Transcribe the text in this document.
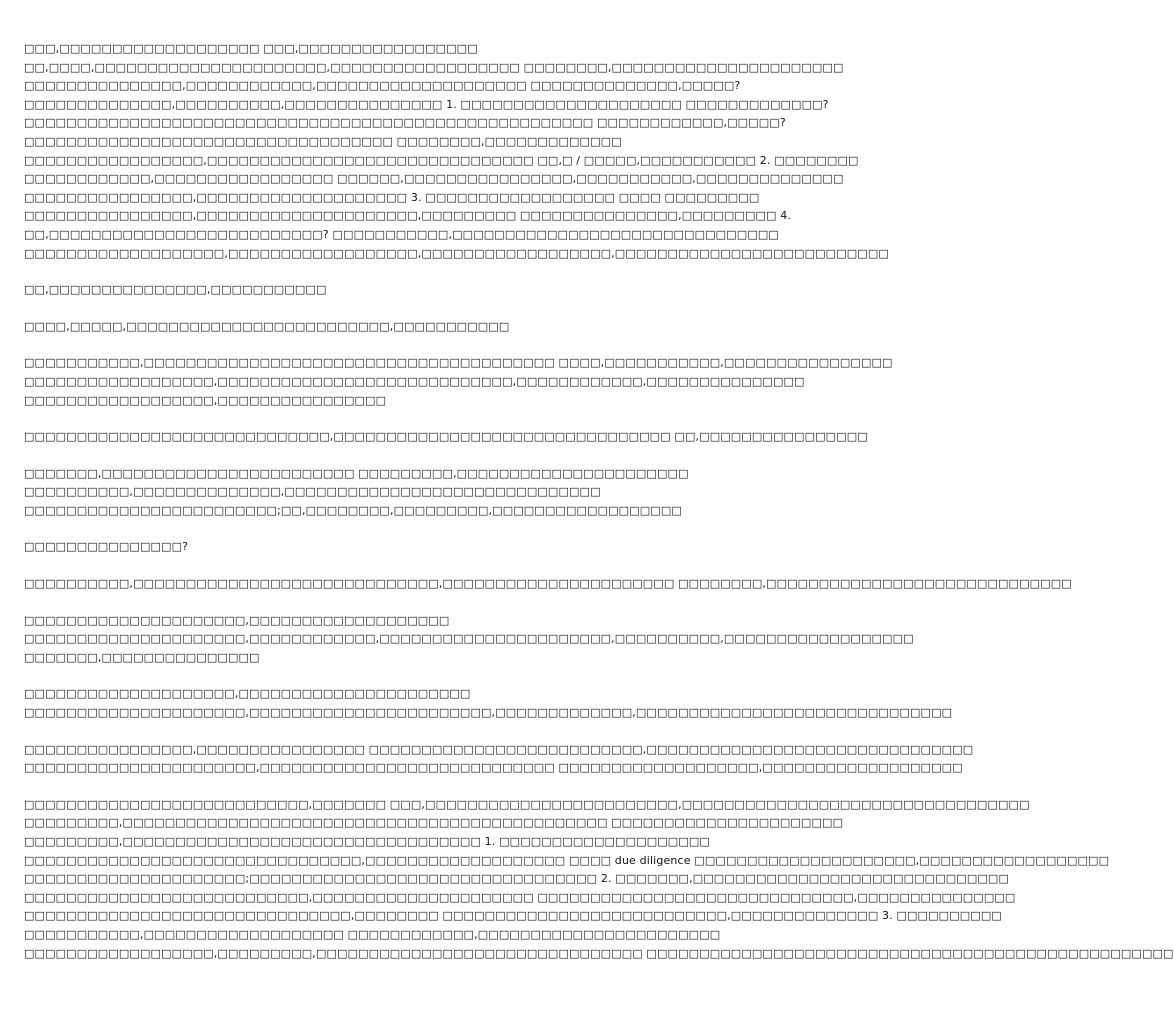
□□□,□□□□□□□□□□□□□□□□□□□ □□□,□□□□□□□□□□□□□□□□□
□□,□□□□,□□□□□□□□□□□□□□□□□□□□□□,□□□□□□□□□□□□□□□□□□ □□□□□□□□,□□□□□□□□□□□□□□□□□□□□□□
□□□□□□□□□□□□□□□,□□□□□□□□□□□□,□□□□□□□□□□□□□□□□□□□□ □□□□□□□□□□□□□□,□□□□□?
□□□□□□□□□□□□□□,□□□□□□□□□□,□□□□□□□□□□□□□□□ 1. □□□□□□□□□□□□□□□□□□□□□ □□□□□□□□□□□□□?
□□□□□□□□□□□□□□□□□□□□□□□□□□□□□□□□□□□□□□□□□□□□□□□□□□□□□□ □□□□□□□□□□□□,□□□□□?
□□□□□□□□□□□□□□□□□□□□□□□□□□□□□□□□□□□ □□□□□□□□,□□□□□□□□□□□□□
□□□□□□□□□□□□□□□□□,□□□□□□□□□□□□□□□□□□□□□□□□□□□□□□□ □□,□ / □□□□□,□□□□□□□□□□□ 2. □□□□□□□□
□□□□□□□□□□□□,□□□□□□□□□□□□□□□□□ □□□□□□,□□□□□□□□□□□□□□□□,□□□□□□□□□□□,□□□□□□□□□□□□□□
□□□□□□□□□□□□□□□□,□□□□□□□□□□□□□□□□□□□□ 3. □□□□□□□□□□□□□□□□□□ □□□□ □□□□□□□□□
□□□□□□□□□□□□□□□□,□□□□□□□□□□□□□□□□□□□□□,□□□□□□□□□ □□□□□□□□□□□□□□□,□□□□□□□□□ 4.
□□,□□□□□□□□□□□□□□□□□□□□□□□□□□? □□□□□□□□□□□,□□□□□□□□□□□□□□□□□□□□□□□□□□□□□□□
□□□□□□□□□□□□□□□□□□□,□□□□□□□□□□□□□□□□□□,□□□□□□□□□□□□□□□□□□,□□□□□□□□□□□□□□□□□□□□□□□□□□
□□,□□□□□□□□□□□□□□□,□□□□□□□□□□□
□□□□,□□□□□,□□□□□□□□□□□□□□□□□□□□□□□□□,□□□□□□□□□□□
□□□□□□□□□□□,□□□□□□□□□□□□□□□□□□□□□□□□□□□□□□□□□□□□□□□ □□□□,□□□□□□□□□□□,□□□□□□□□□□□□□□□□
□□□□□□□□□□□□□□□□□□,□□□□□□□□□□□□□□□□□□□□□□□□□□□□,□□□□□□□□□□□□,□□□□□□□□□□□□□□□
□□□□□□□□□□□□□□□□□□,□□□□□□□□□□□□□□□□
□□□□□□□□□□□□□□□□□□□□□□□□□□□□□,□□□□□□□□□□□□□□□□□□□□□□□□□□□□□□□□ □□,□□□□□□□□□□□□□□□□
□□□□□□□,□□□□□□□□□□□□□□□□□□□□□□□□ □□□□□□□□□,□□□□□□□□□□□□□□□□□□□□□□
□□□□□□□□□□,□□□□□□□□□□□□□□,□□□□□□□□□□□□□□□□□□□□□□□□□□□□□□
□□□□□□□□□□□□□□□□□□□□□□□□;□□,□□□□□□□□,□□□□□□□□□,□□□□□□□□□□□□□□□□□□
□□□□□□□□□□□□□□□?
□□□□□□□□□□,□□□□□□□□□□□□□□□□□□□□□□□□□□□□□,□□□□□□□□□□□□□□□□□□□□□□ □□□□□□□□,□□□□□□□□□□□□□□□□□□□□□□□□□□□□□
□□□□□□□□□□□□□□□□□□□□□,□□□□□□□□□□□□□□□□□□□
□□□□□□□□□□□□□□□□□□□□□,□□□□□□□□□□□□,□□□□□□□□□□□□□□□□□□□□□□,□□□□□□□□□□,□□□□□□□□□□□□□□□□□□
□□□□□□□,□□□□□□□□□□□□□□□
□□□□□□□□□□□□□□□□□□□□,□□□□□□□□□□□□□□□□□□□□□□
□□□□□□□□□□□□□□□□□□□□□,□□□□□□□□□□□□□□□□□□□□□□□,□□□□□□□□□□□□□,□□□□□□□□□□□□□□□□□□□□□□□□□□□□□□
□□□□□□□□□□□□□□□□,□□□□□□□□□□□□□□□□ □□□□□□□□□□□□□□□□□□□□□□□□□□,□□□□□□□□□□□□□□□□□□□□□□□□□□□□□□□
□□□□□□□□□□□□□□□□□□□□□□,□□□□□□□□□□□□□□□□□□□□□□□□□□□□ □□□□□□□□□□□□□□□□□□□,□□□□□□□□□□□□□□□□□□□
□□□□□□□□□□□□□□□□□□□□□□□□□□□,□□□□□□□ □□□,□□□□□□□□□□□□□□□□□□□□□□□□,□□□□□□□□□□□□□□□□□□□□□□□□□□□□□□□□□
□□□□□□□□□,□□□□□□□□□□□□□□□□□□□□□□□□□□□□□□□□□□□□□□□□□□□□□□ □□□□□□□□□□□□□□□□□□□□□□
□□□□□□□□□,□□□□□□□□□□□□□□□□□□□□□□□□□□□□□□□□□□ 1. □□□□□□□□□□□□□□□□□□□□
□□□□□□□□□□□□□□□□□□□□□□□□□□□□□□□□,□□□□□□□□□□□□□□□□□□□ □□□□ due diligence □□□□□□□□□□□□□□□□□□□□□,□□□□□□□□□□□□□□□□□□
□□□□□□□□□□□□□□□□□□□□□;□□□□□□□□□□□□□□□□□□□□□□□□□□□□□□□□□ 2. □□□□□□□,□□□□□□□□□□□□□□□□□□□□□□□□□□□□□□
□□□□□□□□□□□□□□□□□□□□□□□□□□□,□□□□□□□□□□□□□□□□□□□□□ □□□□□□□□□□□□□□□□□□□□□□□□□□□□□□,□□□□□□□□□□□□□□□
□□□□□□□□□□□□□□□□□□□□□□□□□□□□□□□,□□□□□□□□ □□□□□□□□□□□□□□□□□□□□□□□□□□□,□□□□□□□□□□□□□□ 3. □□□□□□□□□□
□□□□□□□□□□□,□□□□□□□□□□□□□□□□□□□ □□□□□□□□□□□□,□□□□□□□□□□□□□□□□□□□□□□□
□□□□□□□□□□□□□□□□□□,□□□□□□□□□,□□□□□□□□□□□□□□□□□□□□□□□□□□□□□□□ □□□□□□□□□□□□□□□□□□□□□□□□□□□□□□□□□□□□□□□□□□□□□□□□□□
